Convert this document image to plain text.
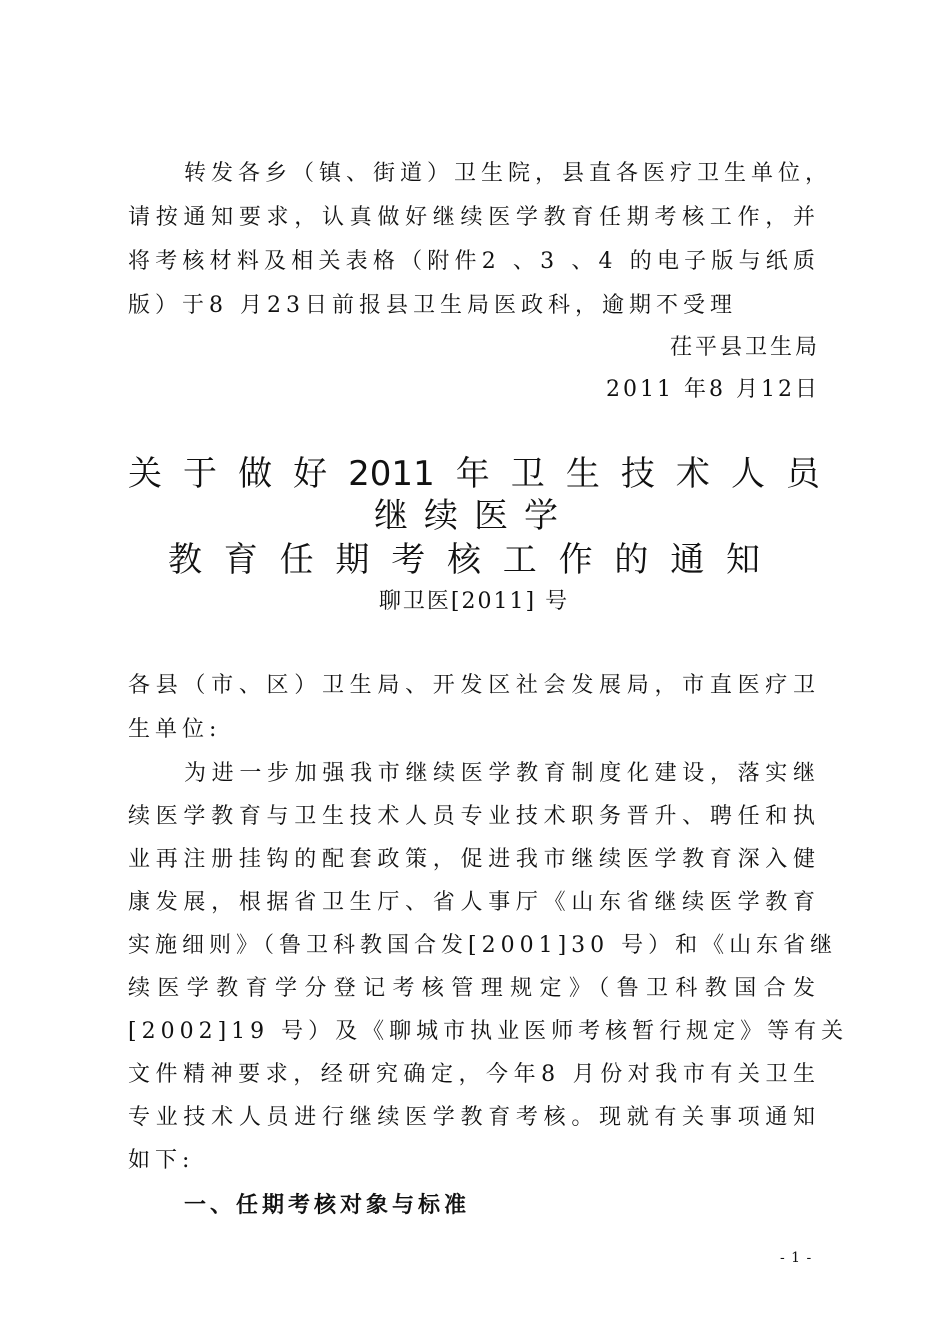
转发各乡（镇、街道）卫生院，县直各医疗卫生单位，
请按通知要求，认真做好继续医学教育任期考核工作，并
将考核材料及相关表格（附件2 、3 、4 的电子版与纸质
版）于8 月23日前报县卫生局医政科，逾期不受理
茌平县卫生局
2011 年8 月12日
关于做好2011年卫生技术人员
继续医学
教育任期考核工作的通知
聊卫医[2011] 号
各县（市、区）卫生局、开发区社会发展局，市直医疗卫
生单位:
为进一步加强我市继续医学教育制度化建设，落实继
续医学教育与卫生技术人员专业技术职务晋升、聘任和执
业再注册挂钩的配套政策，促进我市继续医学教育深入健
康发展，根据省卫生厅、省人事厅《山东省继续医学教育
实施细则》（鲁卫科教国合发[2001]30 号）和《山东省继
续医学教育学分登记考核管理规定》（鲁卫科教国合发
[2002]19 号）及《聊城市执业医师考核暂行规定》等有关
文件精神要求，经研究确定，今年8 月份对我市有关卫生
专业技术人员进行继续医学教育考核。现就有关事项通知
如下:
一、任期考核对象与标准
- 1 -
